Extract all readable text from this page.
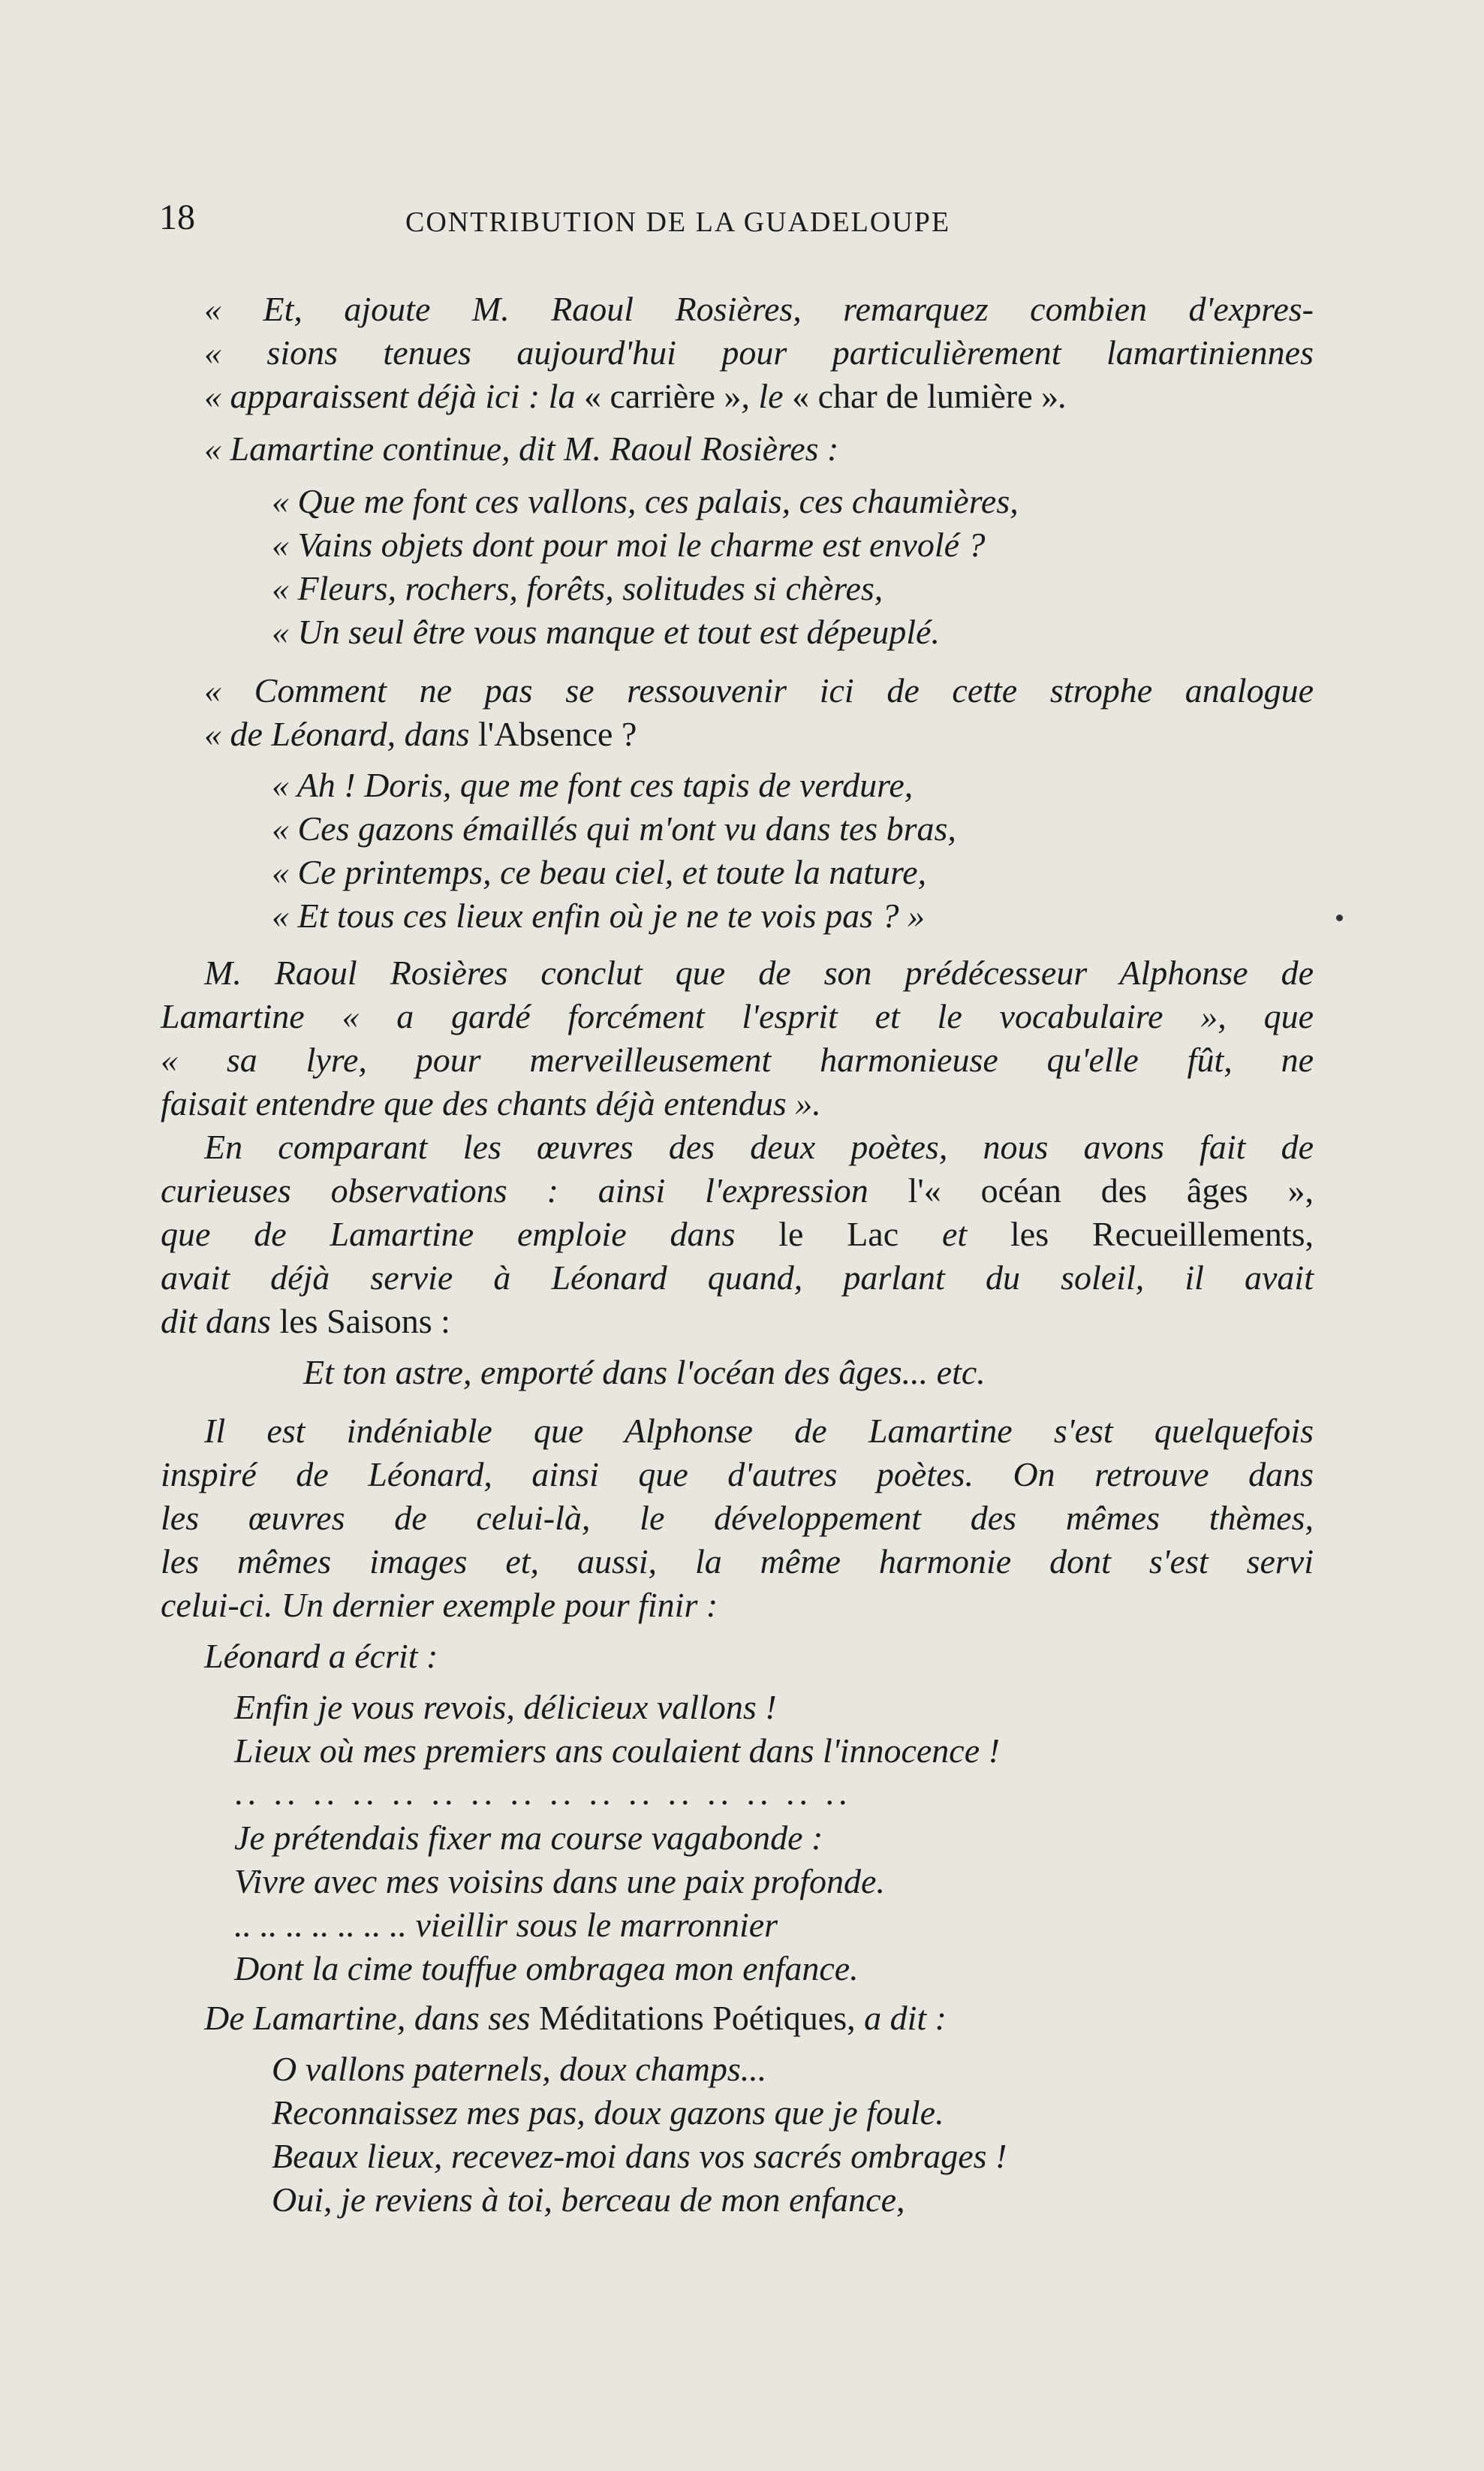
18	CONTRIBUTION DE LA GUADELOUPE
« Et, ajoute M. Raoul Rosières, remarquez combien d'expres-
« sions tenues aujourd'hui pour particulièrement lamartiniennes
« apparaissent déjà ici : la « carrière », le « char de lumière ».
« Lamartine continue, dit M. Raoul Rosières :
« Que me font ces vallons, ces palais, ces chaumières,
« Vains objets dont pour moi le charme est envolé ?
« Fleurs, rochers, forêts, solitudes si chères,
« Un seul être vous manque et tout est dépeuplé.
« Comment ne pas se ressouvenir ici de cette strophe analogue
« de Léonard, dans l'Absence ?
« Ah ! Doris, que me font ces tapis de verdure,
« Ces gazons émaillés qui m'ont vu dans tes bras,
« Ce printemps, ce beau ciel, et toute la nature,
« Et tous ces lieux enfin où je ne te vois pas ? »
M. Raoul Rosières conclut que de son prédécesseur Alphonse de
Lamartine « a gardé forcément l'esprit et le vocabulaire », que
« sa lyre, pour merveilleusement harmonieuse qu'elle fût, ne
faisait entendre que des chants déjà entendus ».
En comparant les œuvres des deux poètes, nous avons fait de
curieuses observations : ainsi l'expression l'« océan des âges »,
que de Lamartine emploie dans le Lac et les Recueillements,
avait déjà servie à Léonard quand, parlant du soleil, il avait
dit dans les Saisons :
Et ton astre, emporté dans l'océan des âges... etc.
Il est indéniable que Alphonse de Lamartine s'est quelquefois
inspiré de Léonard, ainsi que d'autres poètes. On retrouve dans
les œuvres de celui-là, le développement des mêmes thèmes,
les mêmes images et, aussi, la même harmonie dont s'est servi
celui-ci. Un dernier exemple pour finir :
Léonard a écrit :
Enfin je vous revois, délicieux vallons !
Lieux où mes premiers ans coulaient dans l'innocence !
.. .. .. .. .. .. .. .. .. .. .. .. .. .. .. ..
Je prétendais fixer ma course vagabonde :
Vivre avec mes voisins dans une paix profonde.
.. .. .. .. .. .. .. vieillir sous le marronnier
Dont la cime touffue ombragea mon enfance.
De Lamartine, dans ses Méditations Poétiques, a dit :
O vallons paternels, doux champs...
Reconnaissez mes pas, doux gazons que je foule.
Beaux lieux, recevez-moi dans vos sacrés ombrages !
Oui, je reviens à toi, berceau de mon enfance,
